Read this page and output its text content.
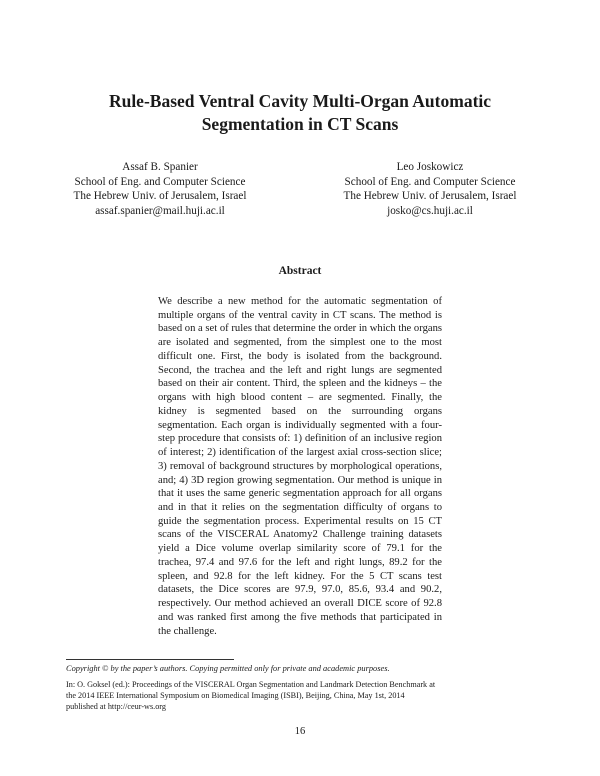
Rule-Based Ventral Cavity Multi-Organ Automatic
Segmentation in CT Scans
Assaf B. Spanier
School of Eng. and Computer Science
The Hebrew Univ. of Jerusalem, Israel
assaf.spanier@mail.huji.ac.il
Leo Joskowicz
School of Eng. and Computer Science
The Hebrew Univ. of Jerusalem, Israel
josko@cs.huji.ac.il
Abstract
We describe a new method for the automatic segmentation of multiple organs of the ventral cavity in CT scans. The method is based on a set of rules that determine the order in which the organs are isolated and segmented, from the simplest one to the most difficult one. First, the body is isolated from the background. Second, the trachea and the left and right lungs are segmented based on their air content. Third, the spleen and the kidneys – the organs with high blood content – are segmented. Finally, the kidney is segmented based on the surrounding organs segmentation. Each organ is individually segmented with a four-step procedure that consists of: 1) definition of an inclusive region of interest; 2) identification of the largest axial cross-section slice; 3) removal of background structures by morphological operations, and; 4) 3D region growing segmentation. Our method is unique in that it uses the same generic segmentation approach for all organs and in that it relies on the segmentation difficulty of organs to guide the segmentation process. Experimental results on 15 CT scans of the VISCERAL Anatomy2 Challenge training datasets yield a Dice volume overlap similarity score of 79.1 for the trachea, 97.4 and 97.6 for the left and right lungs, 89.2 for the spleen, and 92.8 for the left kidney. For the 5 CT scans test datasets, the Dice scores are 97.9, 97.0, 85.6, 93.4 and 90.2, respectively. Our method achieved an overall DICE score of 92.8 and was ranked first among the five methods that participated in the challenge.
Copyright © by the paper’s authors. Copying permitted only for private and academic purposes.
In: O. Goksel (ed.): Proceedings of the VISCERAL Organ Segmentation and Landmark Detection Benchmark at
the 2014 IEEE International Symposium on Biomedical Imaging (ISBI), Beijing, China, May 1st, 2014
published at http://ceur-ws.org
16
